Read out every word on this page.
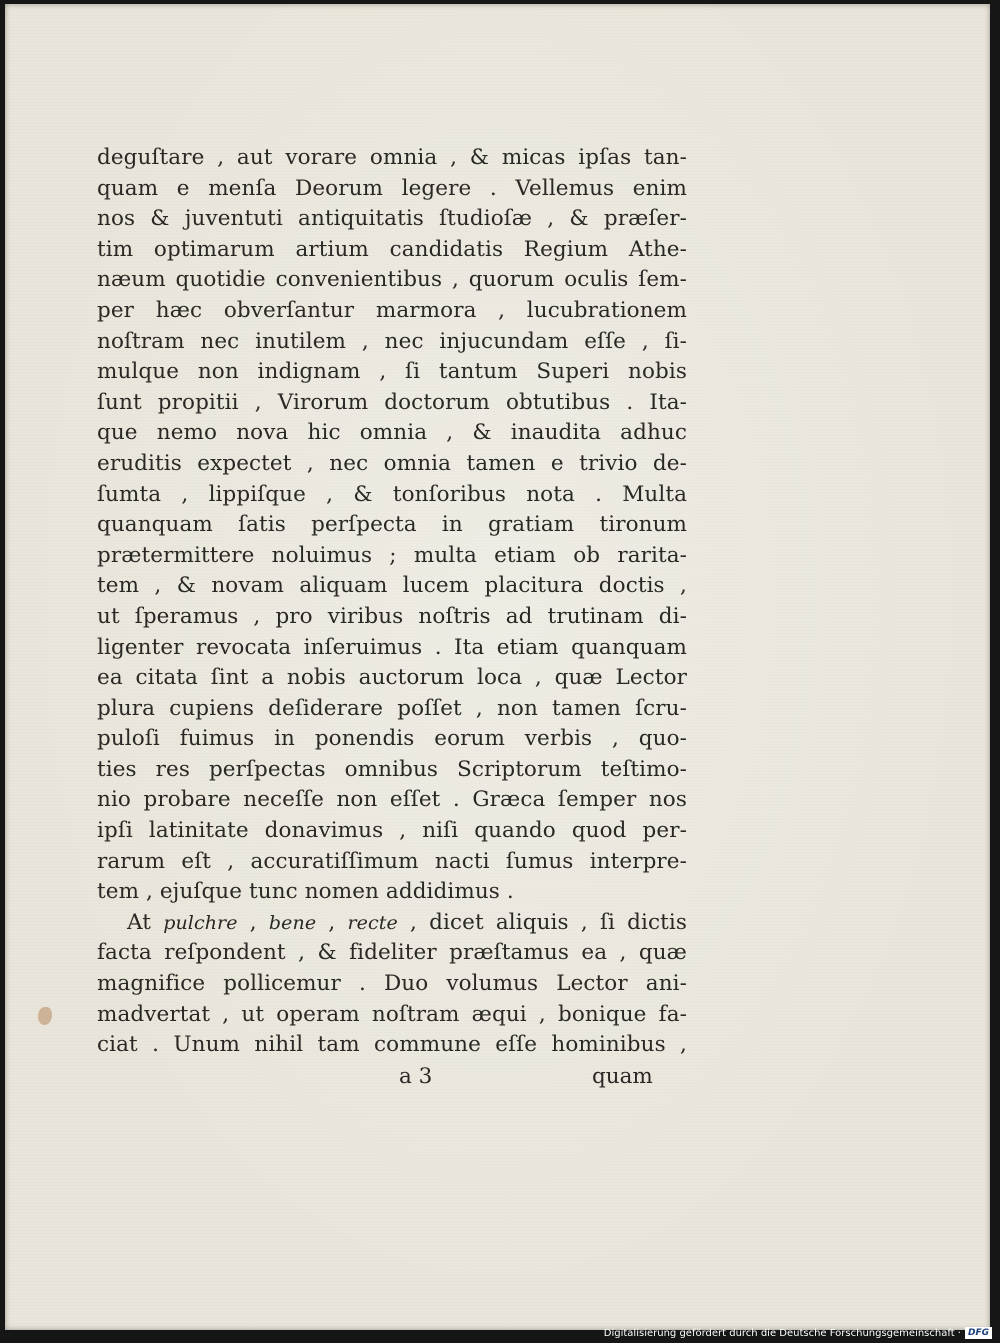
deguſtare , aut vorare omnia , & micas ipſas tan-
quam e menſa Deorum legere . Vellemus enim
nos & juventuti antiquitatis ſtudioſæ , & præſer-
tim optimarum artium candidatis Regium Athe-
næum quotidie convenientibus , quorum oculis ſem-
per hæc obverſantur marmora , lucubrationem
noſtram nec inutilem , nec injucundam eſſe , ſi-
mulque non indignam , ſi tantum Superi nobis
ſunt propitii , Virorum doctorum obtutibus . Ita-
que nemo nova hic omnia , & inaudita adhuc
eruditis expectet , nec omnia tamen e trivio de-
ſumta , lippiſque , & tonſoribus nota . Multa
quanquam ſatis perſpecta in gratiam tironum
prætermittere noluimus ; multa etiam ob rarita-
tem , & novam aliquam lucem placitura doctis ,
ut ſperamus , pro viribus noſtris ad trutinam di-
ligenter revocata inſeruimus . Ita etiam quanquam
ea citata ſint a nobis auctorum loca , quæ Lector
plura cupiens deſiderare poſſet , non tamen ſcru-
puloſi fuimus in ponendis eorum verbis , quo-
ties res perſpectas omnibus Scriptorum teſtimo-
nio probare neceſſe non eſſet . Græca ſemper nos
ipſi latinitate donavimus , niſi quando quod per-
rarum eſt , accuratiſſimum nacti ſumus interpre-
tem , ejuſque tunc nomen addidimus .
At pulchre , bene , recte , dicet aliquis , ſi dictis
facta reſpondent , & fideliter præſtamus ea , quæ
magnifice pollicemur . Duo volumus Lector ani-
madvertat , ut operam noſtram æqui , bonique fa-
ciat . Unum nihil tam commune eſſe hominibus ,
a 3	quam
Digitalisierung gefördert durch die Deutsche Forschungsgemeinschaft · DFG
